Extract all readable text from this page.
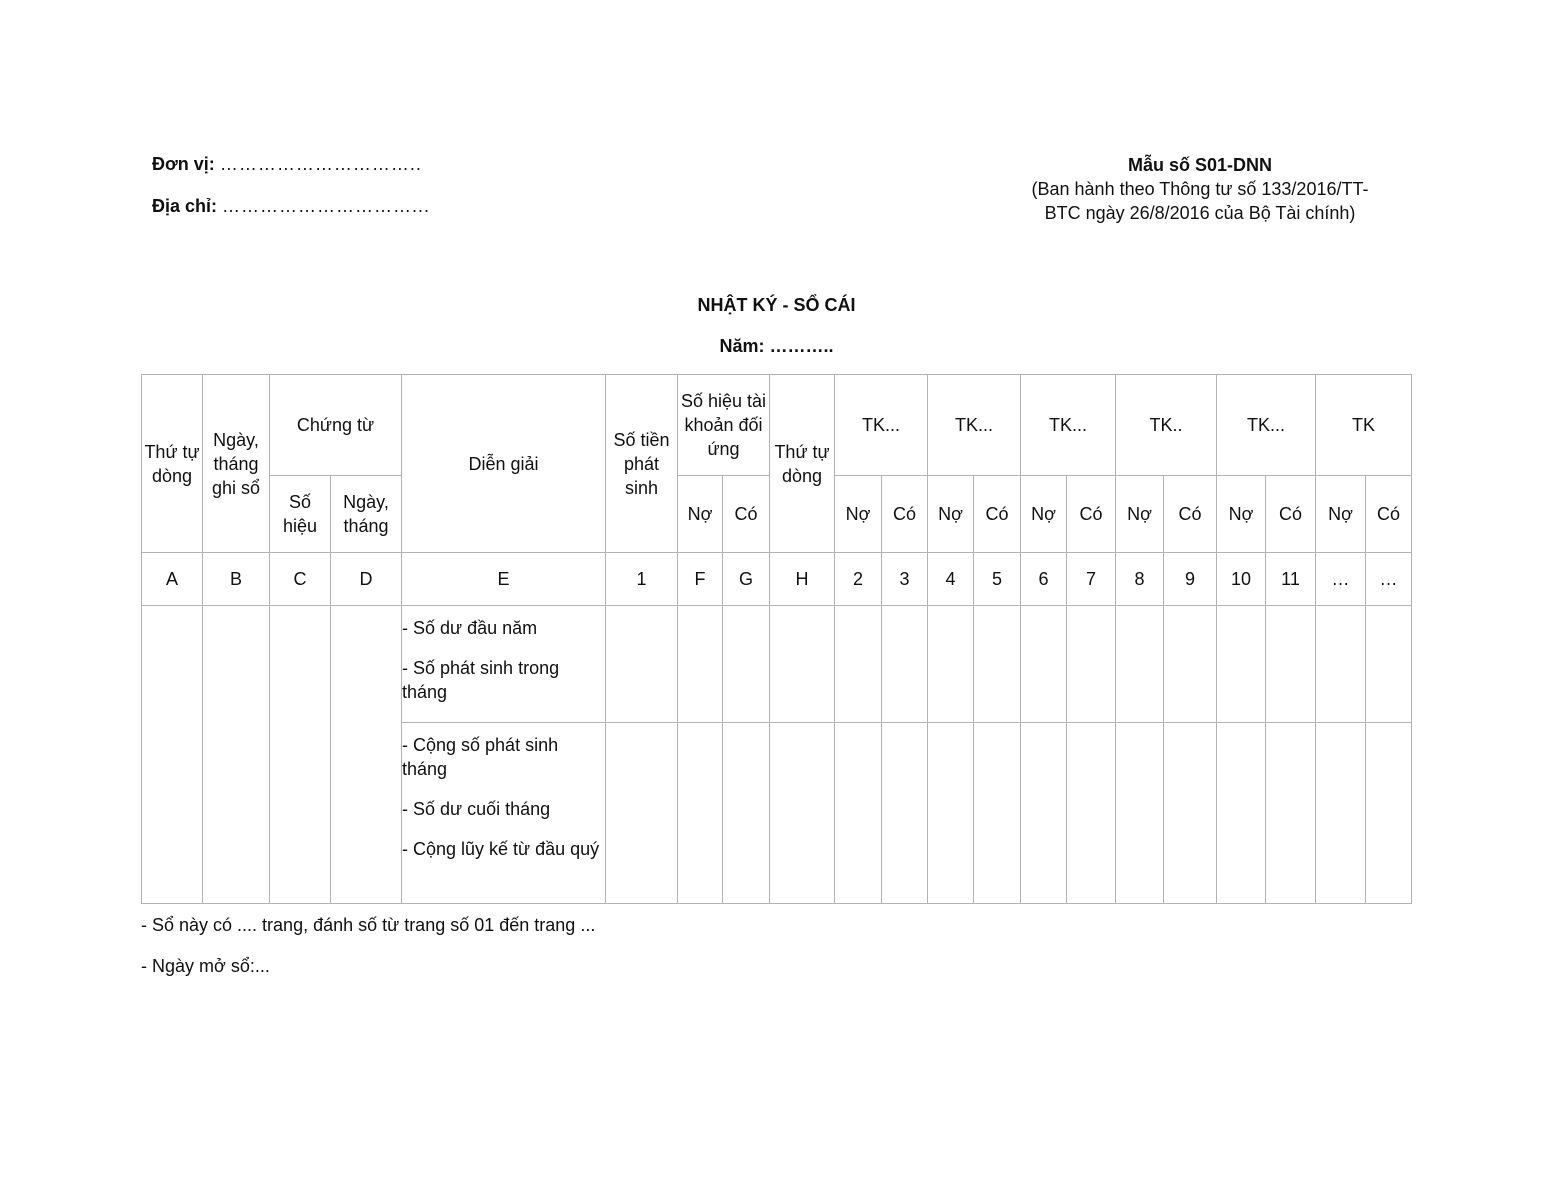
Đơn vị: …………………………..
Địa chỉ: …………………………...
Mẫu số S01-DNN
(Ban hành theo Thông tư số 133/2016/TT-
BTC ngày 26/8/2016 của Bộ Tài chính)
NHẬT KÝ - SỔ CÁI
Năm: ………..
Thứ tự dòng	Ngày, tháng ghi sổ	Chứng từ		Diễn giải	Số tiền phát sinh	Số hiệu tài khoản đối ứng		Thứ tự dòng	TK...		TK...		TK...		TK..		TK...		TK	
		Số hiệu	Ngày, tháng			Nợ	Có		Nợ	Có	Nợ	Có	Nợ	Có	Nợ	Có	Nợ	Có	Nợ	Có
A	B	C	D	E	1	F	G	H	2	3	4	5	6	7	8	9	10	11	…	…

				- Số dư đầu năm
- Số phát sinh trong tháng																

				- Cộng số phát sinh tháng
- Số dư cuối tháng
- Cộng lũy kế từ đầu quý																

- Sổ này có .... trang, đánh số từ trang số 01 đến trang ...
- Ngày mở sổ:...
